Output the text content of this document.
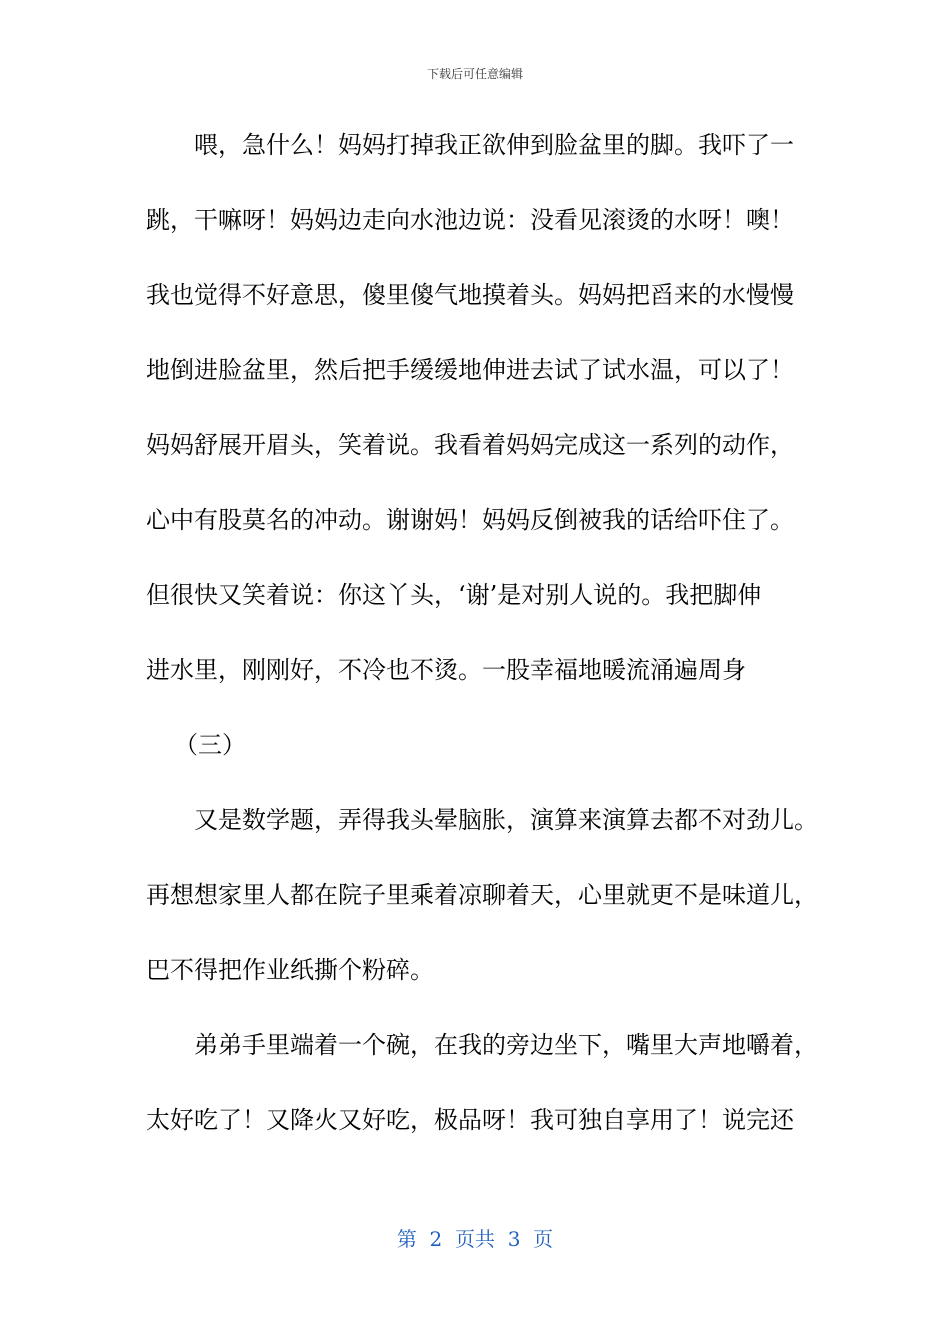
下载后可任意编辑
喂，急什么！妈妈打掉我正欲伸到脸盆里的脚。我吓了一
跳，干嘛呀！妈妈边走向水池边说：没看见滚烫的水呀！噢！
我也觉得不好意思，傻里傻气地摸着头。妈妈把舀来的水慢慢
地倒进脸盆里，然后把手缓缓地伸进去试了试水温，可以了！
妈妈舒展开眉头，笑着说。我看着妈妈完成这一系列的动作，
心中有股莫名的冲动。谢谢妈！妈妈反倒被我的话给吓住了。
但很快又笑着说：你这丫头，‘谢’是对别人说的。我把脚伸
进水里，刚刚好，不冷也不烫。一股幸福地暖流涌遍周身
（三）
又是数学题，弄得我头晕脑胀，演算来演算去都不对劲儿。
再想想家里人都在院子里乘着凉聊着天，心里就更不是味道儿，
巴不得把作业纸撕个粉碎。
弟弟手里端着一个碗，在我的旁边坐下，嘴里大声地嚼着，
太好吃了！又降火又好吃，极品呀！我可独自享用了！说完还
第  2  页共  3  页
